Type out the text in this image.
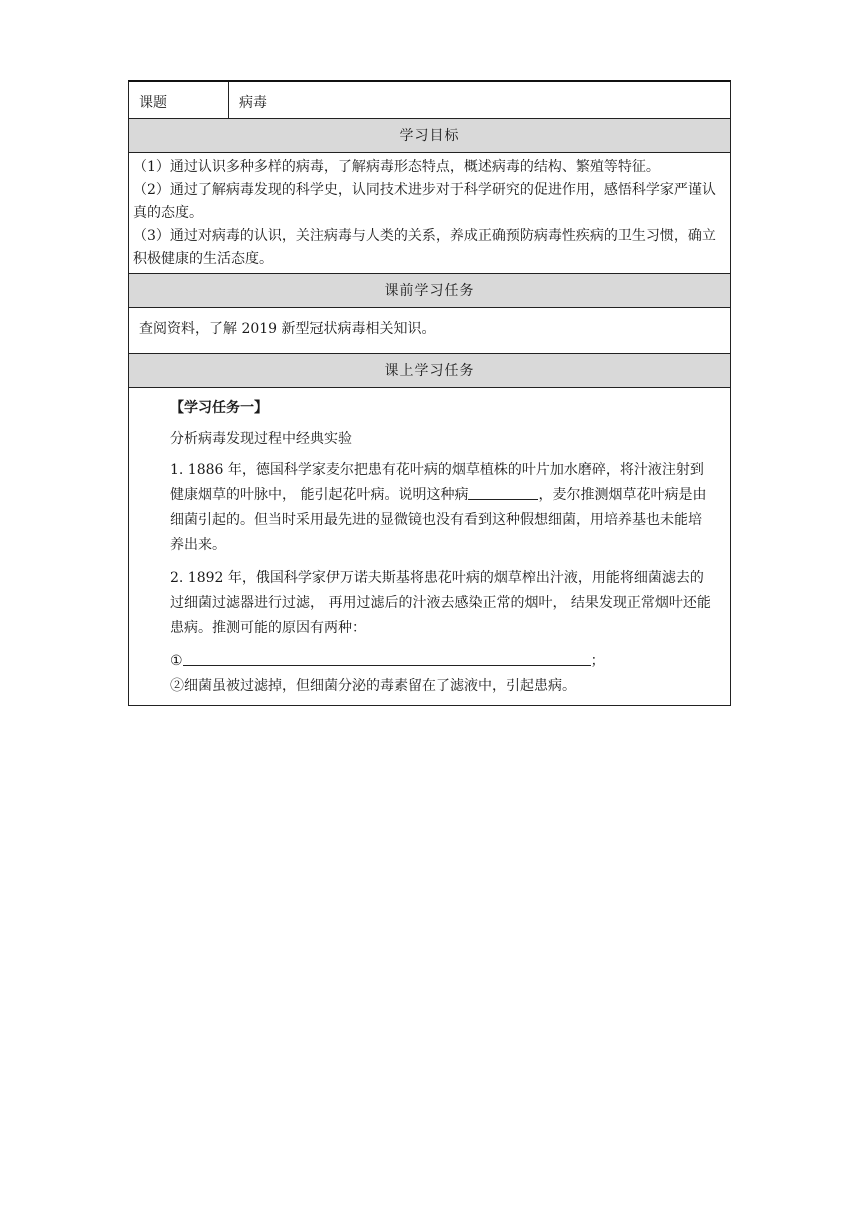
课题	病毒
学习目标

（1）通过认识多种多样的病毒，了解病毒形态特点，概述病毒的结构、繁殖等特征。

（2）通过了解病毒发现的科学史，认同技术进步对于科学研究的促进作用，感悟科学家严谨认真的态度。

（3）通过对病毒的认识，关注病毒与人类的关系，养成正确预防病毒性疾病的卫生习惯，确立积极健康的生活态度。

课前学习任务
查阅资料，了解 2019 新型冠状病毒相关知识。
课上学习任务

【学习任务一】

分析病毒发现过程中经典实验

1. 1886 年，德国科学家麦尔把患有花叶病的烟草植株的叶片加水磨碎，将汁液注射到健康烟草的叶脉中， 能引起花叶病。说明这种病	，麦尔推测烟草花叶病是由细菌引起的。但当时采用最先进的显微镜也没有看到这种假想细菌，用培养基也未能培养出来。

2. 1892 年，俄国科学家伊万诺夫斯基将患花叶病的烟草榨出汁液，用能将细菌滤去的过细菌过滤器进行过滤， 再用过滤后的汁液去感染正常的烟叶， 结果发现正常烟叶还能患病。推测可能的原因有两种：

①	；

②细菌虽被过滤掉，但细菌分泌的毒素留在了滤液中，引起患病。
